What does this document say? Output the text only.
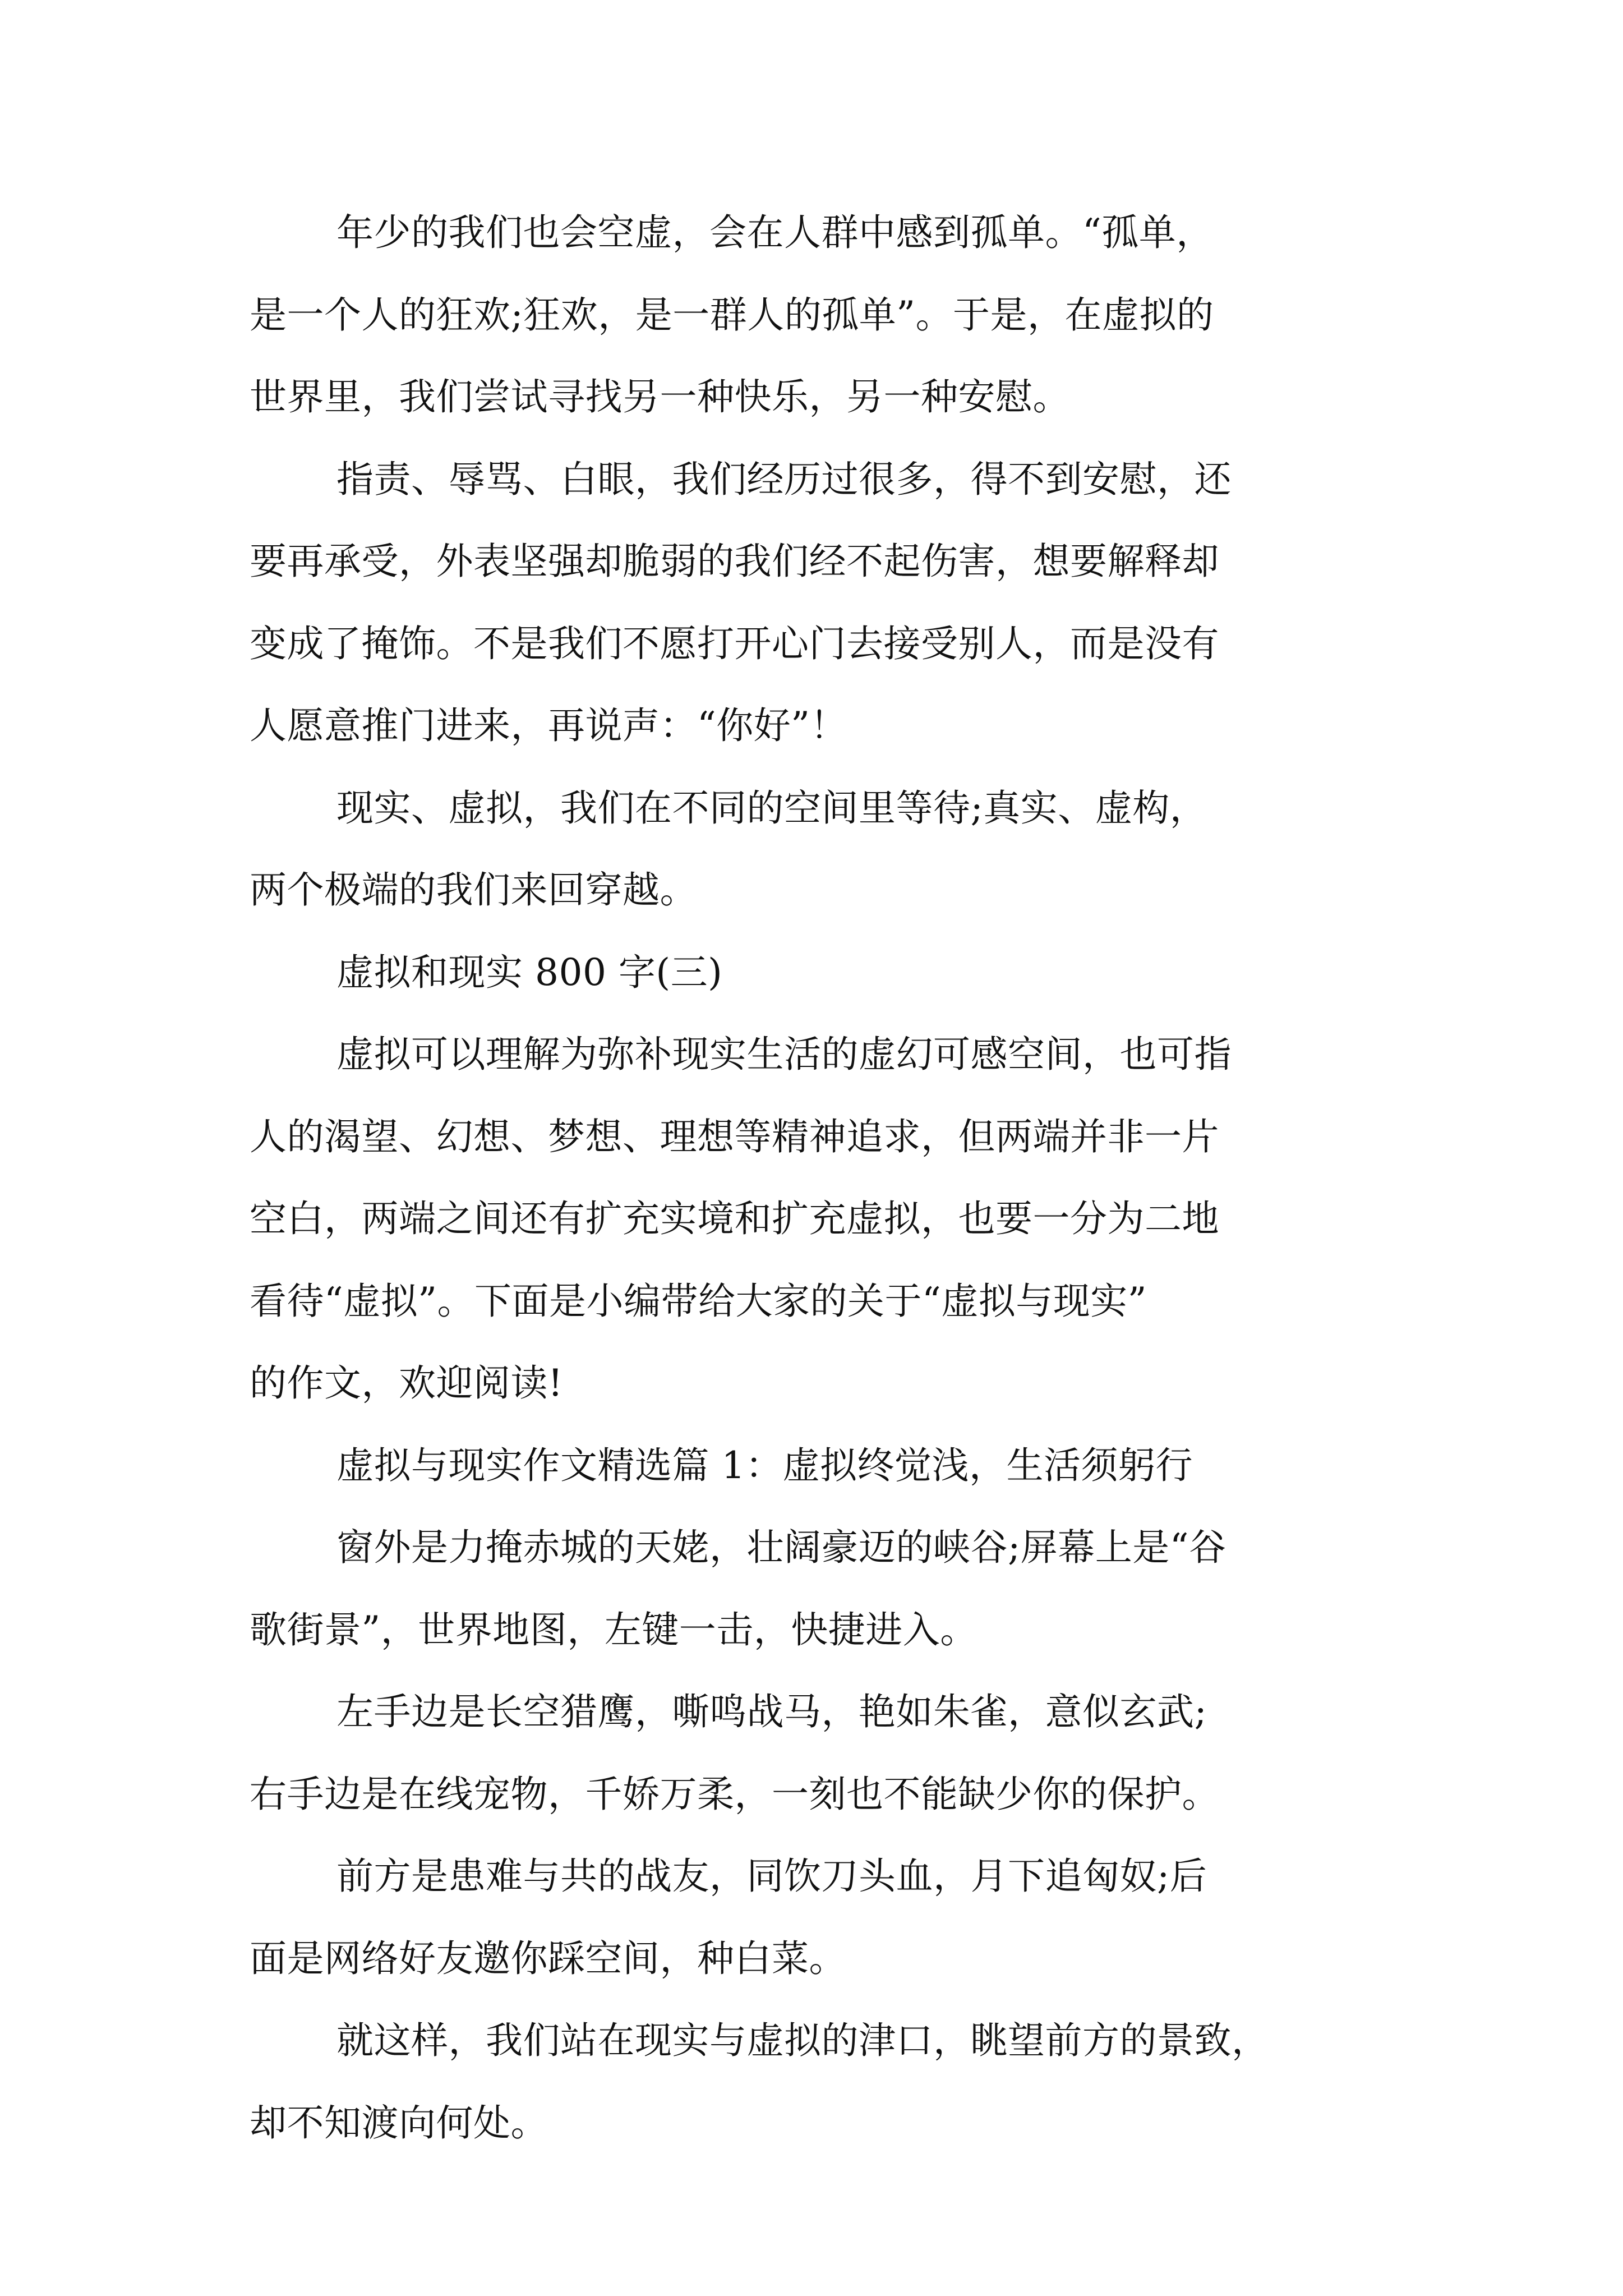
年少的我们也会空虚，会在人群中感到孤单。“孤单，

是一个人的狂欢;狂欢，是一群人的孤单”。于是，在虚拟的

世界里，我们尝试寻找另一种快乐，另一种安慰。

指责、辱骂、白眼，我们经历过很多，得不到安慰，还

要再承受，外表坚强却脆弱的我们经不起伤害，想要解释却

变成了掩饰。不是我们不愿打开心门去接受别人，而是没有

人愿意推门进来，再说声：“你好”！

现实、虚拟，我们在不同的空间里等待;真实、虚构，

两个极端的我们来回穿越。

虚拟和现实 800 字(三)

虚拟可以理解为弥补现实生活的虚幻可感空间，也可指

人的渴望、幻想、梦想、理想等精神追求，但两端并非一片

空白，两端之间还有扩充实境和扩充虚拟，也要一分为二地

看待“虚拟”。下面是小编带给大家的关于“虚拟与现实”

的作文，欢迎阅读!

虚拟与现实作文精选篇 1：虚拟终觉浅，生活须躬行

窗外是力掩赤城的天姥，壮阔豪迈的峡谷;屏幕上是“谷

歌街景”，世界地图，左键一击，快捷进入。

左手边是长空猎鹰，嘶鸣战马，艳如朱雀，意似玄武;

右手边是在线宠物，千娇万柔，一刻也不能缺少你的保护。

前方是患难与共的战友，同饮刀头血，月下追匈奴;后

面是网络好友邀你踩空间，种白菜。

就这样，我们站在现实与虚拟的津口，眺望前方的景致，

却不知渡向何处。
